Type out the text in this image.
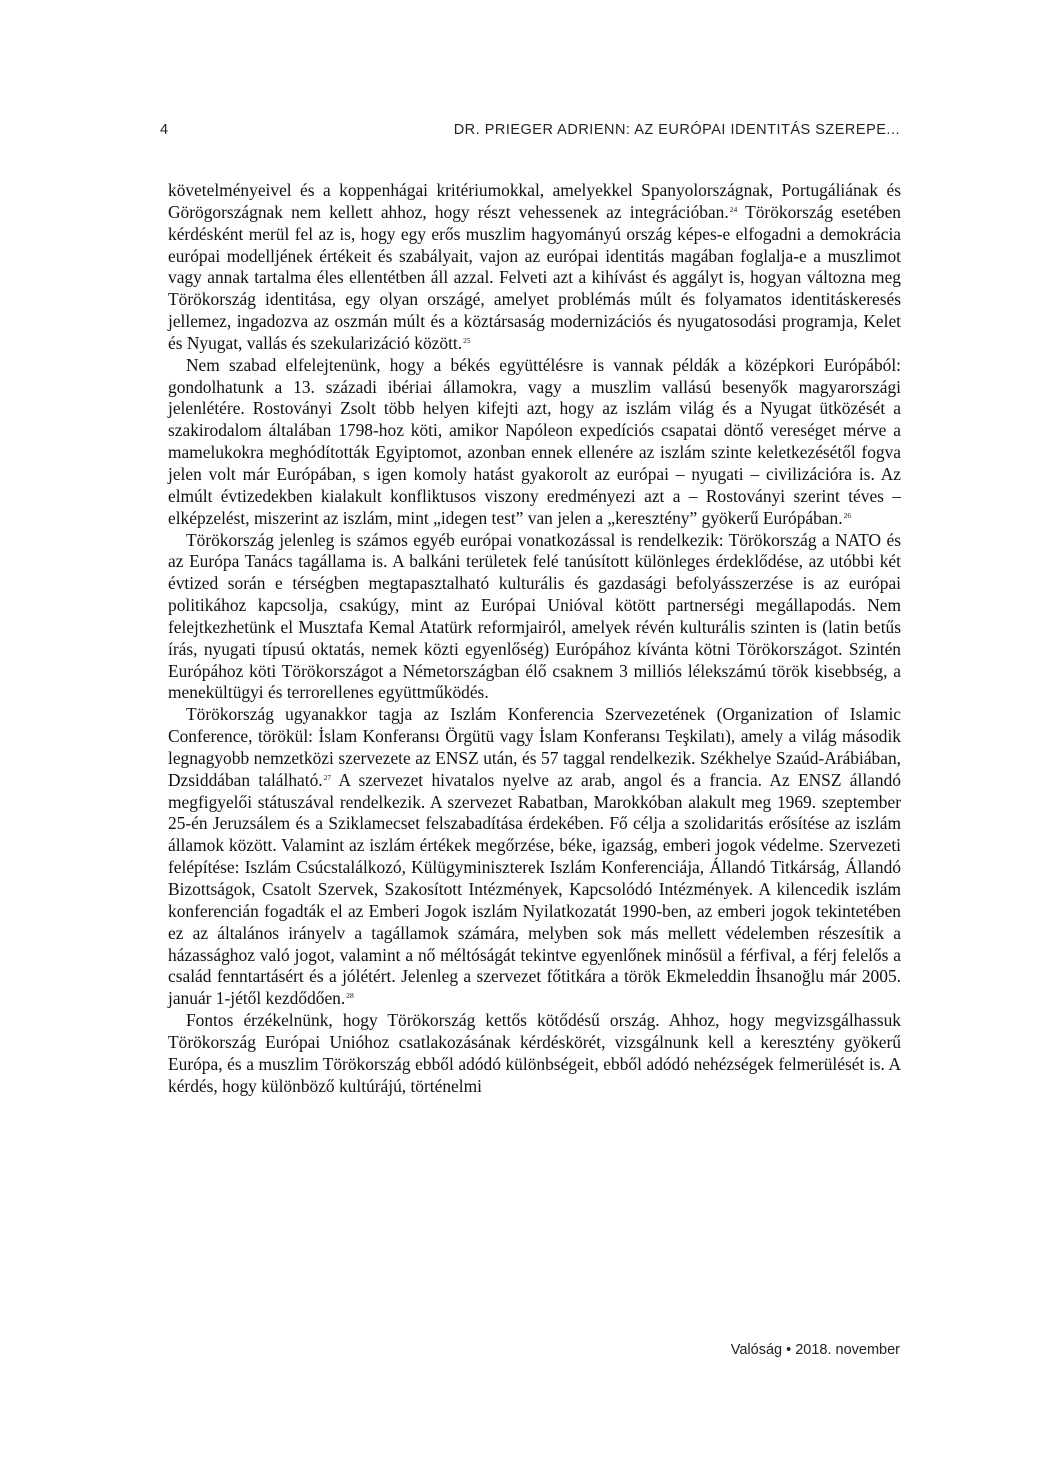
4	DR. PRIEGER ADRIENN: AZ EURÓPAI IDENTITÁS SZEREPE...

követelményeivel és a koppenhágai kritériumokkal, amelyekkel Spanyolországnak, Portugáliának és Görögországnak nem kellett ahhoz, hogy részt vehessenek az integrációban.$^{24}$ Törökország esetében kérdésként merül fel az is, hogy egy erős muszlim hagyományú ország képes-e elfogadni a demokrácia európai modelljének értékeit és szabályait, vajon az európai identitás magában foglalja-e a muszlimot vagy annak tartalma éles ellentétben áll azzal. Felveti azt a kihívást és aggályt is, hogyan változna meg Törökország identitása, egy olyan országé, amelyet problémás múlt és folyamatos identitáskeresés jellemez, ingadozva az oszmán múlt és a köztársaság modernizációs és nyugatosodási programja, Kelet és Nyugat, vallás és szekularizáció között.$^{25}$

Nem szabad elfelejtenünk, hogy a békés együttélésre is vannak példák a középkori Európából: gondolhatunk a 13. századi ibériai államokra, vagy a muszlim vallású besenyők magyarországi jelenlétére. Rostoványi Zsolt több helyen kifejti azt, hogy az iszlám világ és a Nyugat ütközését a szakirodalom általában 1798-hoz köti, amikor Napóleon expedíciós csapatai döntő vereséget mérve a mamelukokra meghódították Egyiptomot, azonban ennek ellenére az iszlám szinte keletkezésétől fogva jelen volt már Európában, s igen komoly hatást gyakorolt az európai – nyugati – civilizációra is. Az elmúlt évtizedekben kialakult konfliktusos viszony eredményezi azt a – Rostoványi szerint téves – elképzelést, miszerint az iszlám, mint „idegen test” van jelen a „keresztény” gyökerű Európában.$^{26}$

Törökország jelenleg is számos egyéb európai vonatkozással is rendelkezik: Törökország a NATO és az Európa Tanács tagállama is. A balkáni területek felé tanúsított különleges érdeklődése, az utóbbi két évtized során e térségben megtapasztalható kulturális és gazdasági befolyásszerzése is az európai politikához kapcsolja, csakúgy, mint az Európai Unióval kötött partnerségi megállapodás. Nem felejtkezhetünk el Musztafa Kemal Atatürk reformjairól, amelyek révén kulturális szinten is (latin betűs írás, nyugati típusú oktatás, nemek közti egyenlőség) Európához kívánta kötni Törökországot. Szintén Európához köti Törökországot a Németországban élő csaknem 3 milliós lélekszámú török kisebbség, a menekültügyi és terrorellenes együttműködés.

Törökország ugyanakkor tagja az Iszlám Konferencia Szervezetének (Organization of Islamic Conference, törökül: İslam Konferansı Örgütü vagy İslam Konferansı Teşkilatı), amely a világ második legnagyobb nemzetközi szervezete az ENSZ után, és 57 taggal rendelkezik. Székhelye Szaúd-Arábiában, Dzsiddában található.$^{27}$ A szervezet hivatalos nyelve az arab, angol és a francia. Az ENSZ állandó megfigyelői státuszával rendelkezik. A szervezet Rabatban, Marokkóban alakult meg 1969. szeptember 25-én Jeruzsálem és a Sziklamecset felszabadítása érdekében. Fő célja a szolidaritás erősítése az iszlám államok között. Valamint az iszlám értékek megőrzése, béke, igazság, emberi jogok védelme. Szervezeti felépítése: Iszlám Csúcstalálkozó, Külügyminiszterek Iszlám Konferenciája, Állandó Titkárság, Állandó Bizottságok, Csatolt Szervek, Szakosított Intézmények, Kapcsolódó Intézmények. A kilencedik iszlám konferencián fogadták el az Emberi Jogok iszlám Nyilatkozatát 1990-ben, az emberi jogok tekintetében ez az általános irányelv a tagállamok számára, melyben sok más mellett védelemben részesítik a házassághoz való jogot, valamint a nő méltóságát tekintve egyenlőnek minősül a férfival, a férj felelős a család fenntartásért és a jólétért. Jelenleg a szervezet főtitkára a török Ekmeleddin İhsanoğlu már 2005. január 1-jétől kezdődően.$^{28}$

Fontos érzékelnünk, hogy Törökország kettős kötődésű ország. Ahhoz, hogy megvizsgálhassuk Törökország Európai Unióhoz csatlakozásának kérdéskörét, vizsgálnunk kell a keresztény gyökerű Európa, és a muszlim Törökország ebből adódó különbségeit, ebből adódó nehézségek felmerülését is. A kérdés, hogy különböző kultúrájú, történelmi

Valóság • 2018. november
